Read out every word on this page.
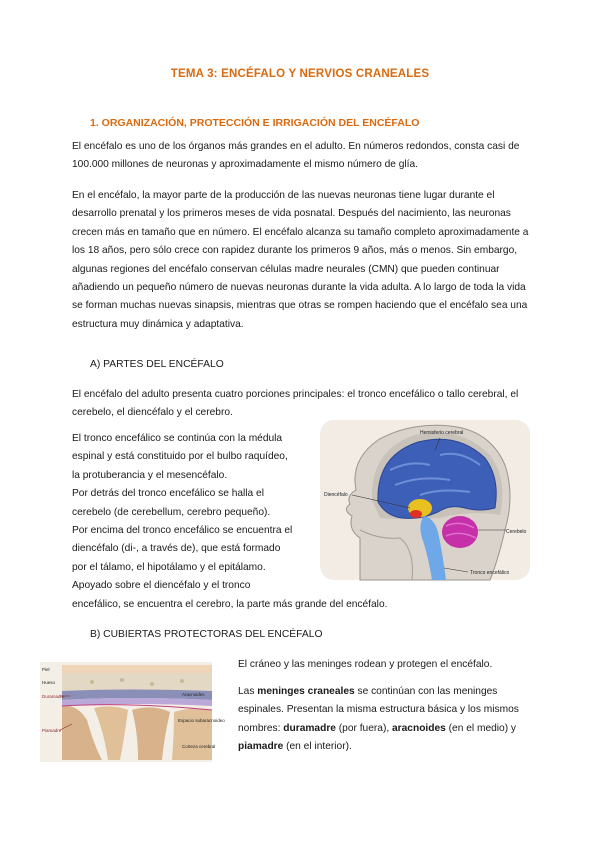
TEMA 3: ENCÉFALO Y NERVIOS CRANEALES
1. ORGANIZACIÓN, PROTECCIÓN E IRRIGACIÓN DEL ENCÉFALO
El encéfalo es uno de los órganos más grandes en el adulto. En números redondos, consta casi de 100.000 millones de neuronas y aproximadamente el mismo número de glía.
En el encéfalo, la mayor parte de la producción de las nuevas neuronas tiene lugar durante el desarrollo prenatal y los primeros meses de vida posnatal. Después del nacimiento, las neuronas crecen más en tamaño que en número. El encéfalo alcanza su tamaño completo aproximadamente a los 18 años, pero sólo crece con rapidez durante los primeros 9 años, más o menos. Sin embargo, algunas regiones del encéfalo conservan células madre neurales (CMN) que pueden continuar añadiendo un pequeño número de nuevas neuronas durante la vida adulta. A lo largo de toda la vida se forman muchas nuevas sinapsis, mientras que otras se rompen haciendo que el encéfalo sea una estructura muy dinámica y adaptativa.
A) PARTES DEL ENCÉFALO
El encéfalo del adulto presenta cuatro porciones principales: el tronco encefálico o tallo cerebral, el cerebelo, el diencéfalo y el cerebro.
El tronco encefálico se continúa con la médula
espinal y está constituido por el bulbo raquídeo,
la protuberancia y el mesencéfalo.
Por detrás del tronco encefálico se halla el
cerebelo (de cerebellum, cerebro pequeño).
Por encima del tronco encefálico se encuentra el
diencéfalo (di-, a través de), que está formado
por el tálamo, el hipotálamo y el epitálamo.
Apoyado sobre el diencéfalo y el tronco
encefálico, se encuentra el cerebro, la parte más grande del encéfalo.
Hemisferio cerebral
Diencéfalo
Cerebelo
Tronco encefálico
B) CUBIERTAS PROTECTORAS DEL ENCÉFALO
Piel
Hueso
Duramadre
Piamadre
Aracnoides
Espacio subaracnoideo
Corteza cerebral
El cráneo y las meninges rodean y protegen el encéfalo.
Las meninges craneales se continúan con las meninges espinales. Presentan la misma estructura básica y los mismos nombres: duramadre (por fuera), aracnoides (en el medio) y piamadre (en el interior).
